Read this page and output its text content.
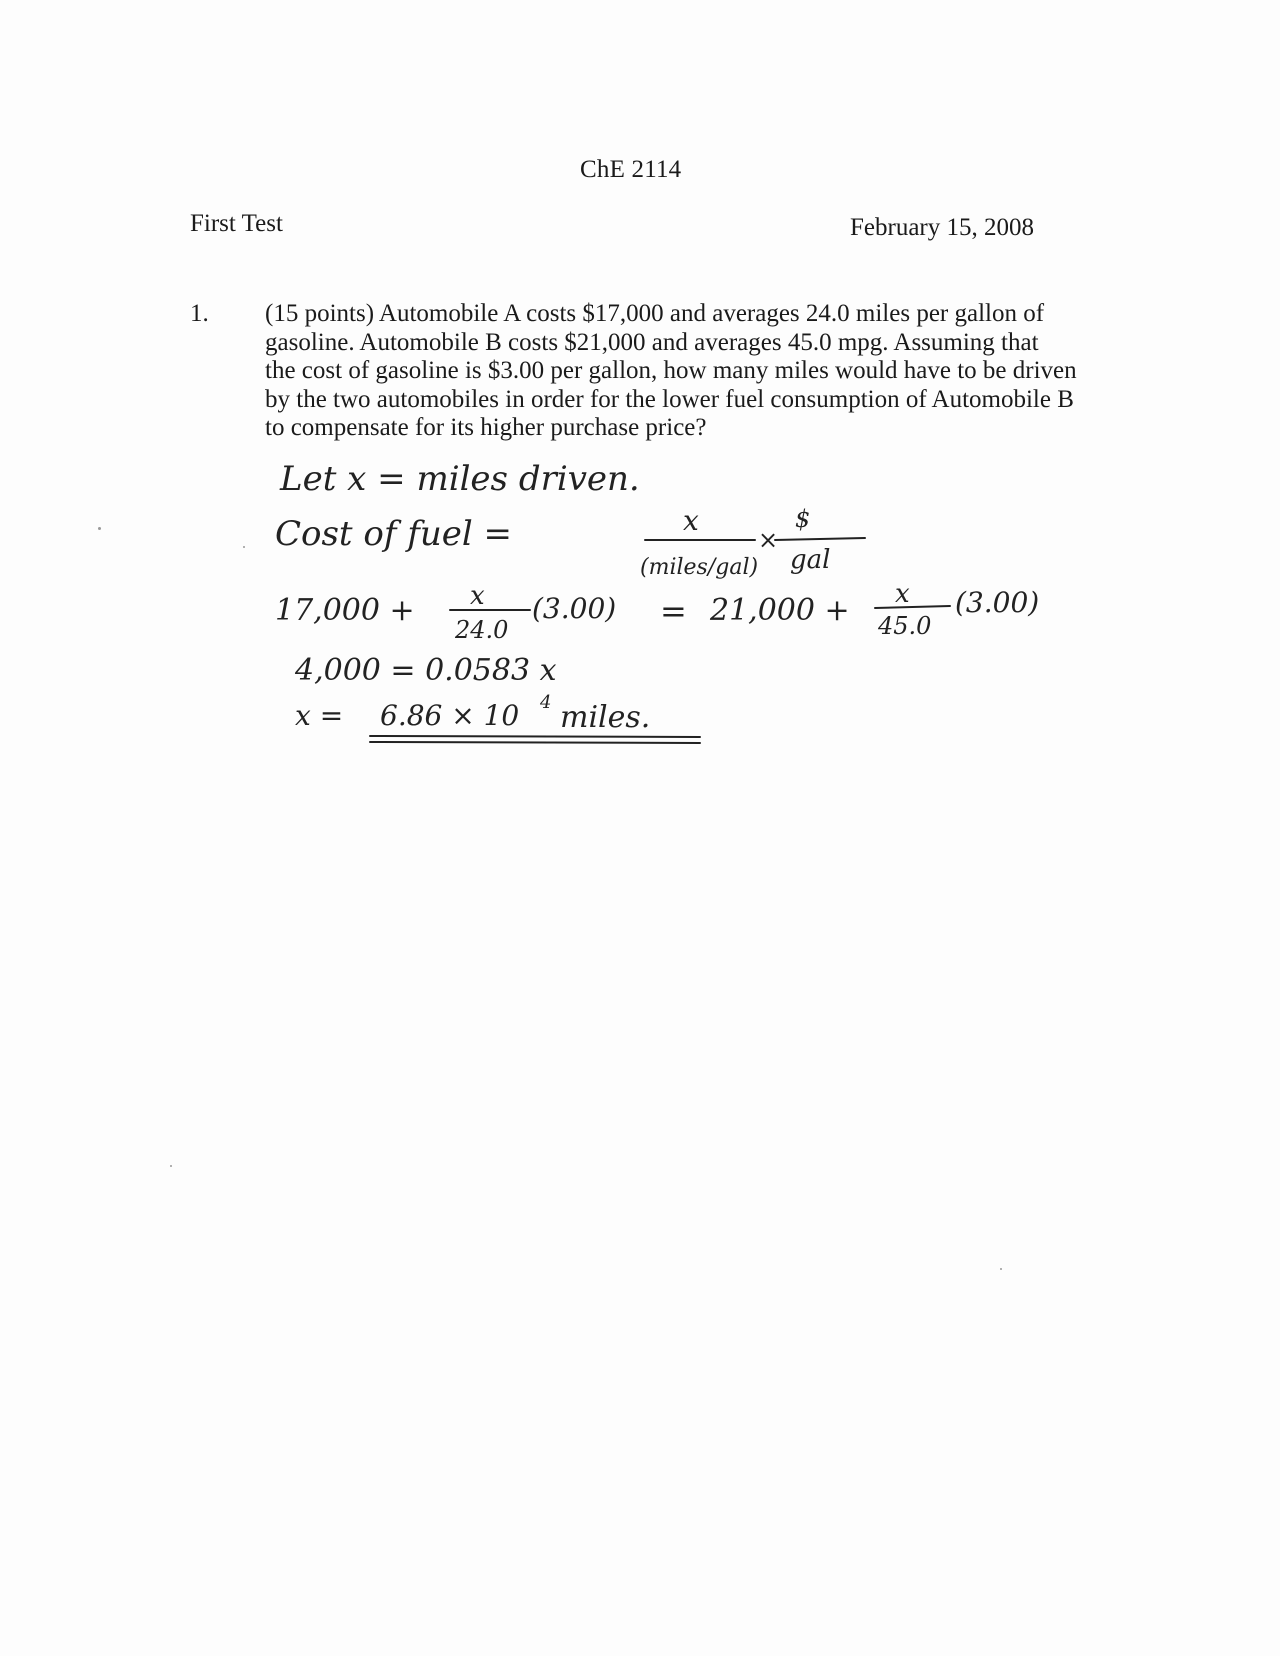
ChE 2114
First Test	February 15, 2008
1. (15 points) Automobile A costs $17,000 and averages 24.0 miles per gallon of
gasoline. Automobile B costs $21,000 and averages 45.0 mpg. Assuming that
the cost of gasoline is $3.00 per gallon, how many miles would have to be driven
by the two automobiles in order for the lower fuel consumption of Automobile B
to compensate for its higher purchase price?
Let x = miles driven.
Cost of fuel =	x
(miles/gal)
×
$
gal
17,000 + x
24.0
(3.00) = 21,000 + x
45.0
(3.00)
4,000 = 0.0583 x
x = 6.86 × 10 4 miles.
